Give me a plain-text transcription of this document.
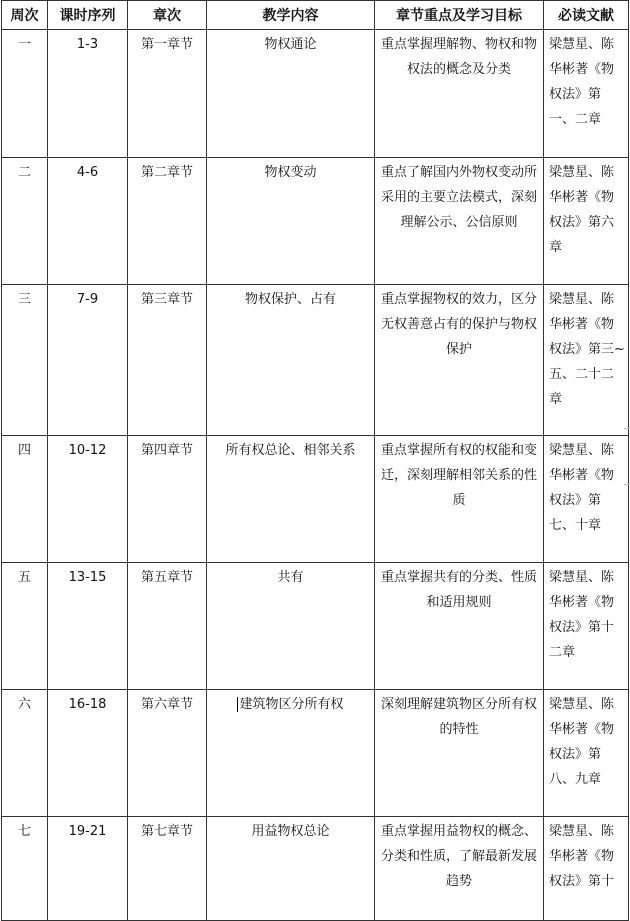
周次	课时序列	章次	教学内容	章节重点及学习目标	必读文献
一	1-3	第一章节	物权通论	重点掌握理解物、物权和物权法的概念及分类	梁慧星、陈华彬著《物权法》第一、二章
二	4-6	第二章节	物权变动	重点了解国内外物权变动所采用的主要立法模式，深刻理解公示、公信原则	梁慧星、陈华彬著《物权法》第六章
三	7-9	第三章节	物权保护、占有	重点掌握物权的效力，区分无权善意占有的保护与物权保护	梁慧星、陈华彬著《物权法》第三~五、二十二章
四	10-12	第四章节	所有权总论、相邻关系	重点掌握所有权的权能和变迁，深刻理解相邻关系的性质	梁慧星、陈华彬著《物权法》第七、十章
五	13-15	第五章节	共有	重点掌握共有的分类、性质和适用规则	梁慧星、陈华彬著《物权法》第十二章
六	16-18	第六章节	建筑物区分所有权	深刻理解建筑物区分所有权的特性	梁慧星、陈华彬著《物权法》第八、九章
七	19-21	第七章节	用益物权总论	重点掌握用益物权的概念、分类和性质，了解最新发展趋势	梁慧星、陈华彬著《物权法》第十
